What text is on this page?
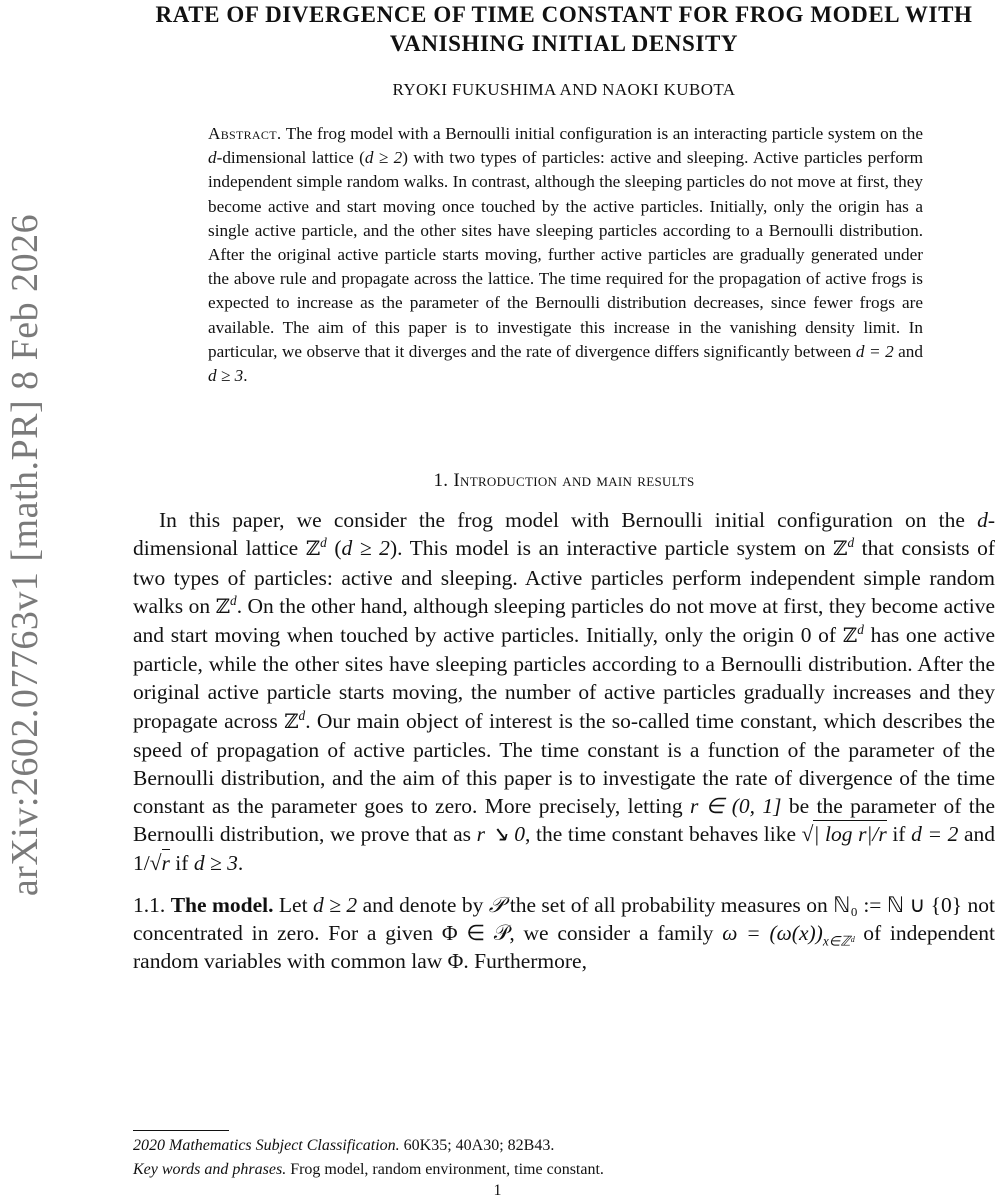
arXiv:2602.07763v1 [math.PR] 8 Feb 2026
RATE OF DIVERGENCE OF TIME CONSTANT FOR FROG MODEL WITH VANISHING INITIAL DENSITY
RYOKI FUKUSHIMA AND NAOKI KUBOTA
Abstract. The frog model with a Bernoulli initial configuration is an interacting particle system on the d-dimensional lattice (d ≥ 2) with two types of particles: active and sleeping. Active particles perform independent simple random walks. In contrast, although the sleeping particles do not move at first, they become active and start moving once touched by the active particles. Initially, only the origin has a single active particle, and the other sites have sleeping particles according to a Bernoulli distribution. After the original active particle starts moving, further active particles are gradually generated under the above rule and propagate across the lattice. The time required for the propagation of active frogs is expected to increase as the parameter of the Bernoulli distribution decreases, since fewer frogs are available. The aim of this paper is to investigate this increase in the vanishing density limit. In particular, we observe that it diverges and the rate of divergence differs significantly between d = 2 and d ≥ 3.
1. Introduction and main results

In this paper, we consider the frog model with Bernoulli initial configuration on the d-dimensional lattice ℤ$^d$ (d ≥ 2). This model is an interactive particle system on ℤ$^d$ that consists of two types of particles: active and sleeping. Active particles perform independent simple random walks on ℤ$^d$. On the other hand, although sleeping particles do not move at first, they become active and start moving when touched by active particles. Initially, only the origin 0 of ℤ$^d$ has one active particle, while the other sites have sleeping particles according to a Bernoulli distribution. After the original active particle starts moving, the number of active particles gradually increases and they propagate across ℤ$^d$. Our main object of interest is the so-called time constant, which describes the speed of propagation of active particles. The time constant is a function of the parameter of the Bernoulli distribution, and the aim of this paper is to investigate the rate of divergence of the time constant as the parameter goes to zero. More precisely, letting r ∈ (0, 1] be the parameter of the Bernoulli distribution, we prove that as r ↘ 0, the time constant behaves like √| log r|/r if d = 2 and 1/√r if d ≥ 3.

1.1. The model. Let d ≥ 2 and denote by 𝒫 the set of all probability measures on ℕ₀ := ℕ ∪ {0} not concentrated in zero. For a given Φ ∈ 𝒫, we consider a family $\omega = (\omega(x))_{x\in ℤᵈ}$ of independent random variables with common law Φ. Furthermore,

2020 Mathematics Subject Classification. 60K35; 40A30; 82B43.
Key words and phrases. Frog model, random environment, time constant.
1
